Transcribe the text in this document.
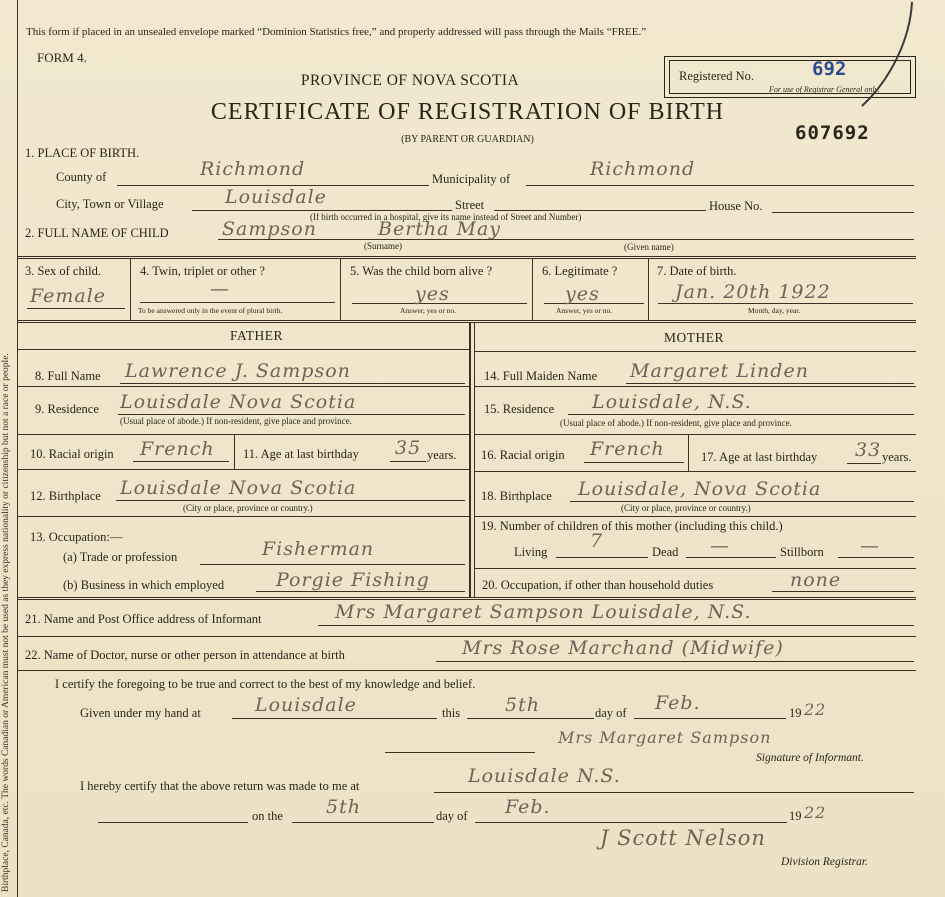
Birthplace, Canada, etc. The words Canadian or American must not be used as they express nationality or citizenship but not a race or people.
This form if placed in an unsealed envelope marked “Dominion Statistics free,” and properly addressed will pass through the Mails “FREE.”
FORM 4.
PROVINCE OF NOVA SCOTIA
CERTIFICATE OF REGISTRATION OF BIRTH
(BY PARENT OR GUARDIAN)
Registered No.	692
For use of Registrar General only.
607692
1. PLACE OF BIRTH.
County of	Richmond	Municipality of	Richmond
City, Town or Village	Louisdale	Street	House No.
(If birth occurred in a hospital, give its name instead of Street and Number)
2. FULL NAME OF CHILD	Sampson	Bertha May
(Surname)	(Given name)
3. Sex of child.
Female
4. Twin, triplet or other ?
—
To be answered only in the event of plural birth.
5. Was the child born alive ?
yes
Answer, yes or no.
6. Legitimate ?
yes
Answer, yes or no.
7. Date of birth.
Jan. 20th 1922
Month, day, year.
FATHER	MOTHER
8. Full Name Lawrence J. Sampson
9. Residence Louisdale Nova Scotia
(Usual place of abode.) If non-resident, give place and province.
10. Racial origin French 11. Age at last birthday 35 years.
12. Birthplace Louisdale Nova Scotia
(City or place, province or country.)
13. Occupation:—
(a) Trade or profession	Fisherman
(b) Business in which employed	Porgie Fishing
14. Full Maiden Name Margaret Linden
15. Residence Louisdale, N.S.
(Usual place of abode.) If non-resident, give place and province.
16. Racial origin French	17. Age at last birthday 33 years.
18. Birthplace Louisdale, Nova Scotia
(City or place, province or country.)
19. Number of children of this mother (including this child.)
Living 7	Dead —	Stillborn —
20. Occupation, if other than household duties	none
21. Name and Post Office address of Informant	Mrs Margaret Sampson Louisdale, N.S.
22. Name of Doctor, nurse or other person in attendance at birth	Mrs Rose Marchand (Midwife)
I certify the foregoing to be true and correct to the best of my knowledge and belief.
Given under my hand at	Louisdale	this 5th	day of Feb.	19 22
Mrs Margaret Sampson
Signature of Informant.
I hereby certify that the above return was made to me at	Louisdale N.S.
on the 5th	day of Feb.	19 22
J Scott Nelson
Division Registrar.
